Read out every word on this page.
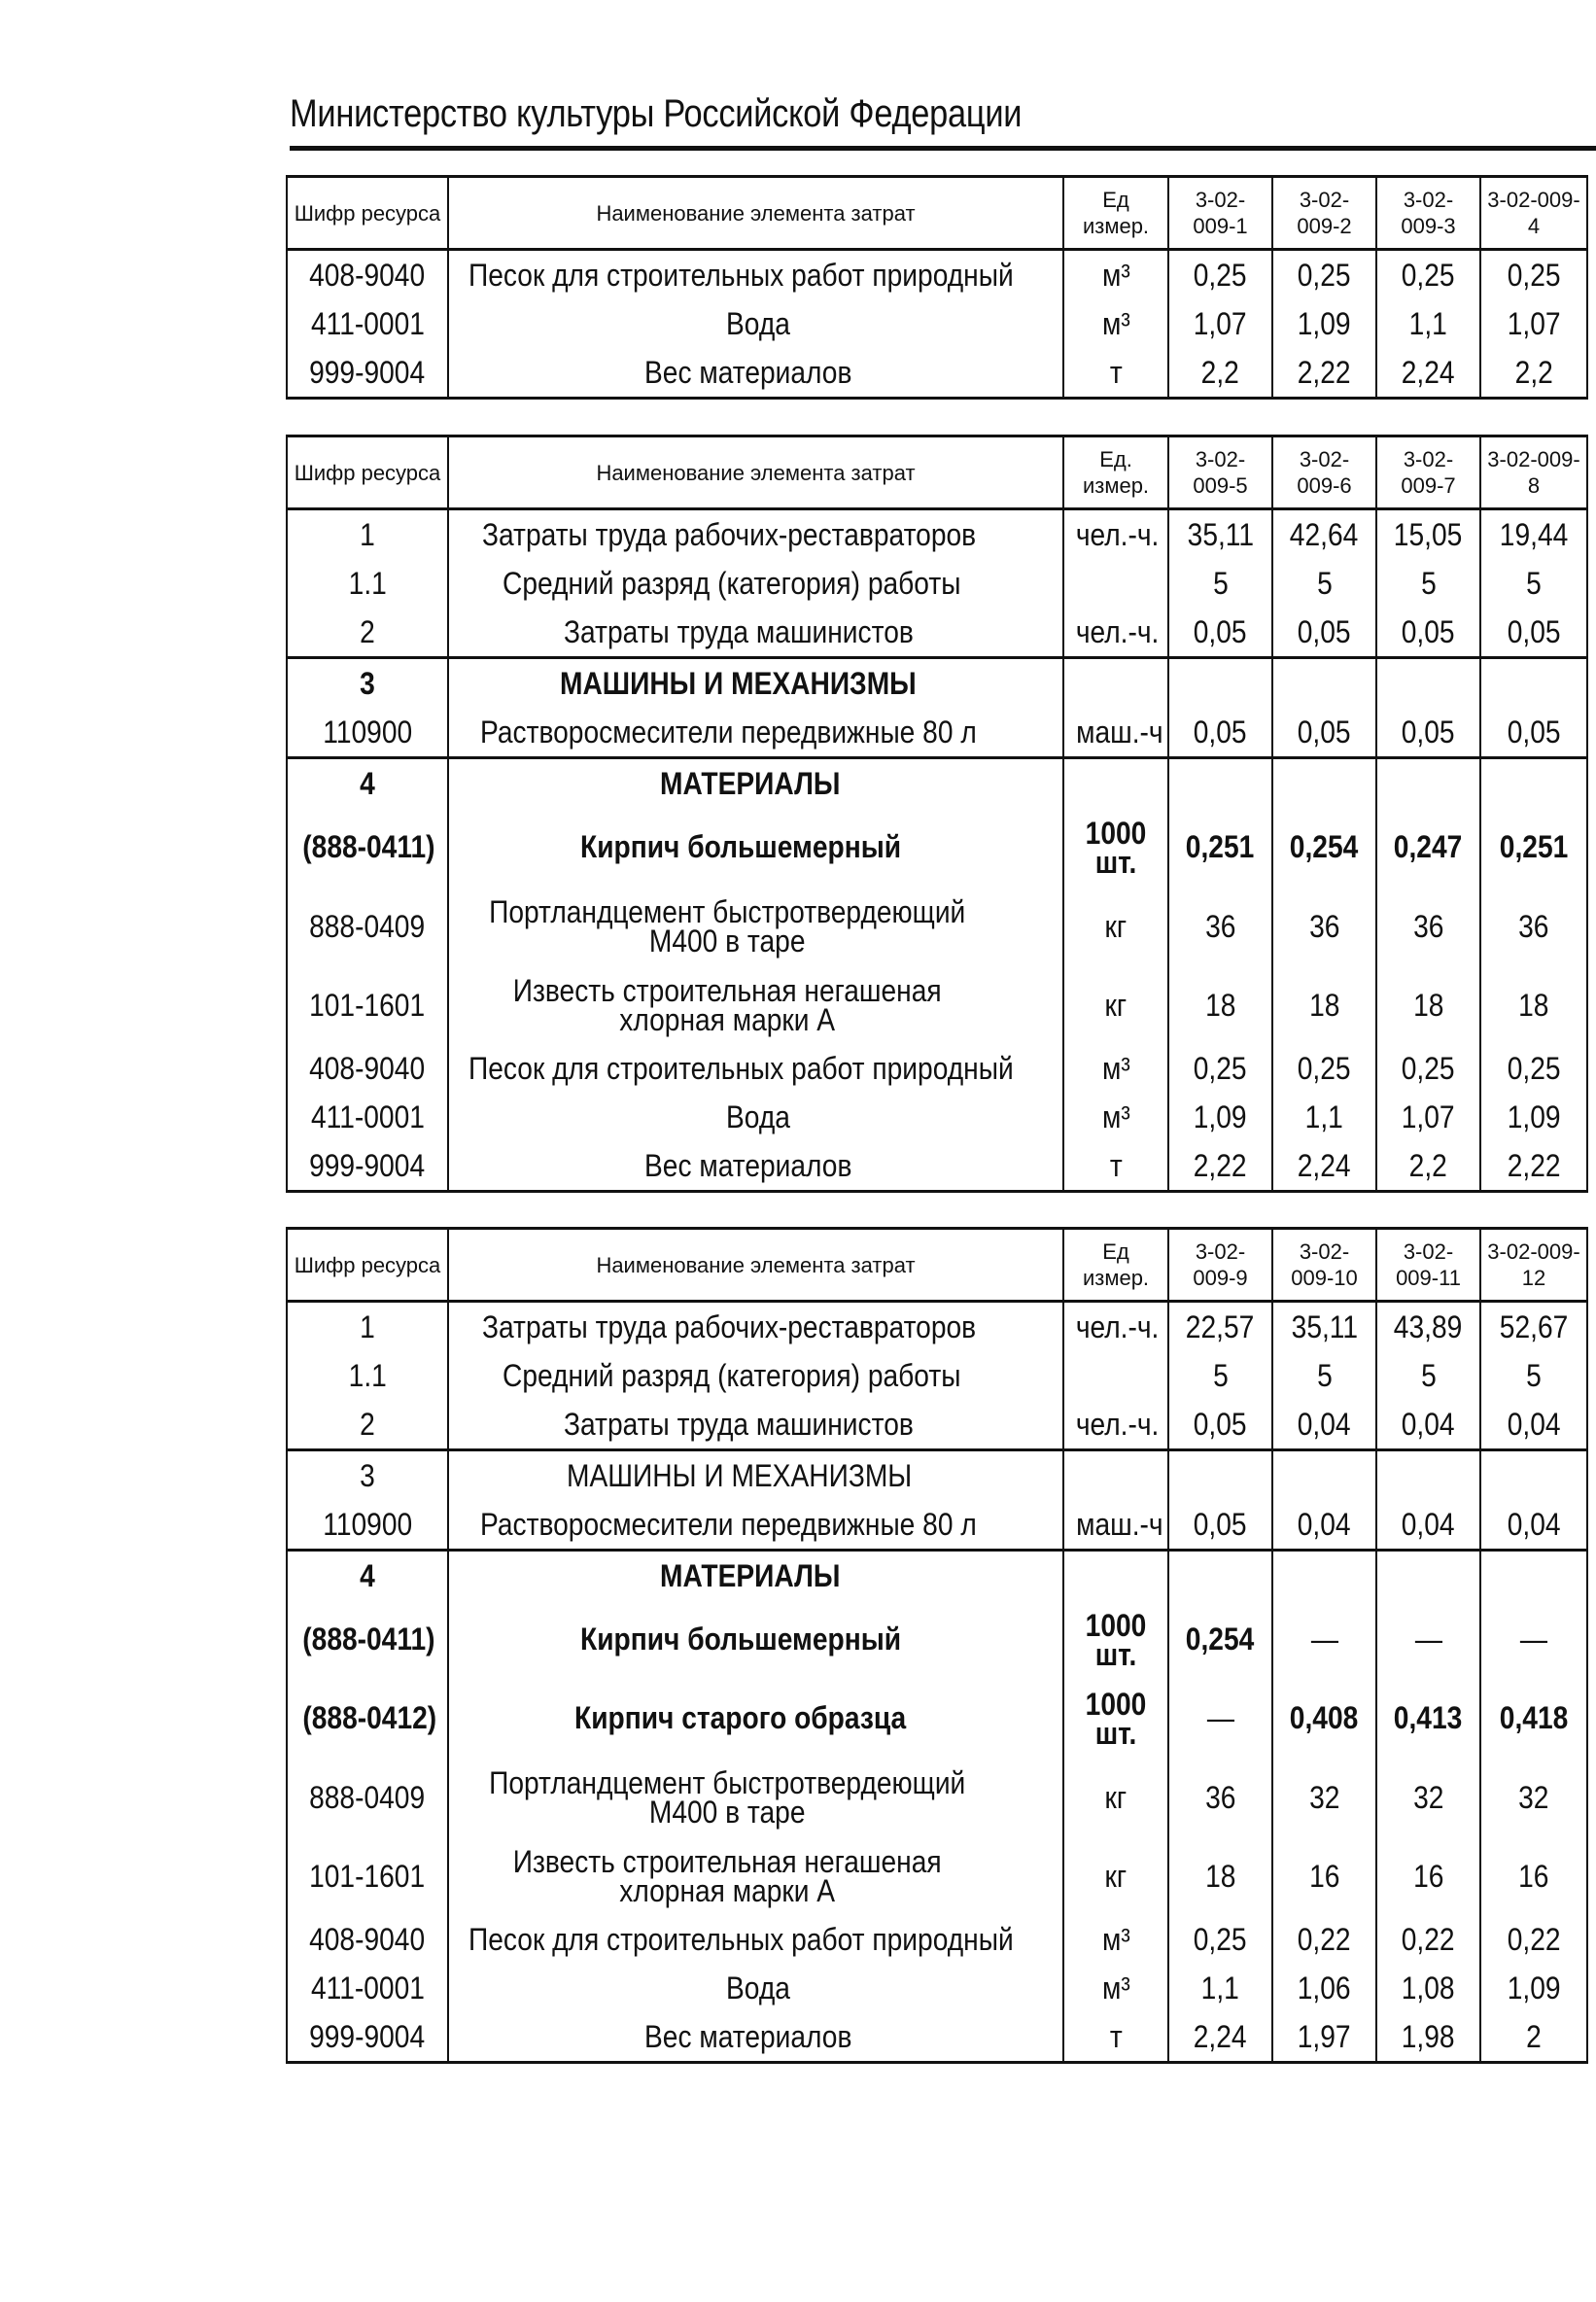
Министерство культуры Российской Федерации
Шифр ресурса	Наименование элемента затрат	Ед измер.	3-02-009-1	3-02-009-2	3-02-009-3	3-02-009-4
408-9040	Песок для строительных работ природный	м³	0,25	0,25	0,25	0,25
411-0001	Вода	м³	1,07	1,09	1,1	1,07
999-9004	Вес материалов	т	2,2	2,22	2,24	2,2
Шифр ресурса	Наименование элемента затрат	Ед. измер.	3-02-009-5	3-02-009-6	3-02-009-7	3-02-009-8
1	Затраты труда рабочих-реставраторов	чел.-ч.	35,11	42,64	15,05	19,44
1.1	Средний разряд (категория) работы		5	5	5	5
2	Затраты труда машинистов	чел.-ч.	0,05	0,05	0,05	0,05
3	МАШИНЫ И МЕХАНИЗМЫ					
110900	Растворосмесители передвижные 80 л	маш.-ч	0,05	0,05	0,05	0,05
4	МАТЕРИАЛЫ					
(888-0411)	Кирпич большемерный	1000 шт.	0,251	0,254	0,247	0,251
888-0409	Портландцемент быстротвердеющий М400 в таре	кг	36	36	36	36
101-1601	Известь строительная негашеная хлорная марки А	кг	18	18	18	18
408-9040	Песок для строительных работ природный	м³	0,25	0,25	0,25	0,25
411-0001	Вода	м³	1,09	1,1	1,07	1,09
999-9004	Вес материалов	т	2,22	2,24	2,2	2,22
Шифр ресурса	Наименование элемента затрат	Ед измер.	3-02-009-9	3-02-009-10	3-02-009-11	3-02-009-12
1	Затраты труда рабочих-реставраторов	чел.-ч.	22,57	35,11	43,89	52,67
1.1	Средний разряд (категория) работы		5	5	5	5
2	Затраты труда машинистов	чел.-ч.	0,05	0,04	0,04	0,04
3	МАШИНЫ И МЕХАНИЗМЫ					
110900	Растворосмесители передвижные 80 л	маш.-ч	0,05	0,04	0,04	0,04
4	МАТЕРИАЛЫ					
(888-0411)	Кирпич большемерный	1000 шт.	0,254	—	—	—
(888-0412)	Кирпич старого образца	1000 шт.	—	0,408	0,413	0,418
888-0409	Портландцемент быстротвердеющий М400 в таре	кг	36	32	32	32
101-1601	Известь строительная негашеная хлорная марки А	кг	18	16	16	16
408-9040	Песок для строительных работ природный	м³	0,25	0,22	0,22	0,22
411-0001	Вода	м³	1,1	1,06	1,08	1,09
999-9004	Вес материалов	т	2,24	1,97	1,98	2
